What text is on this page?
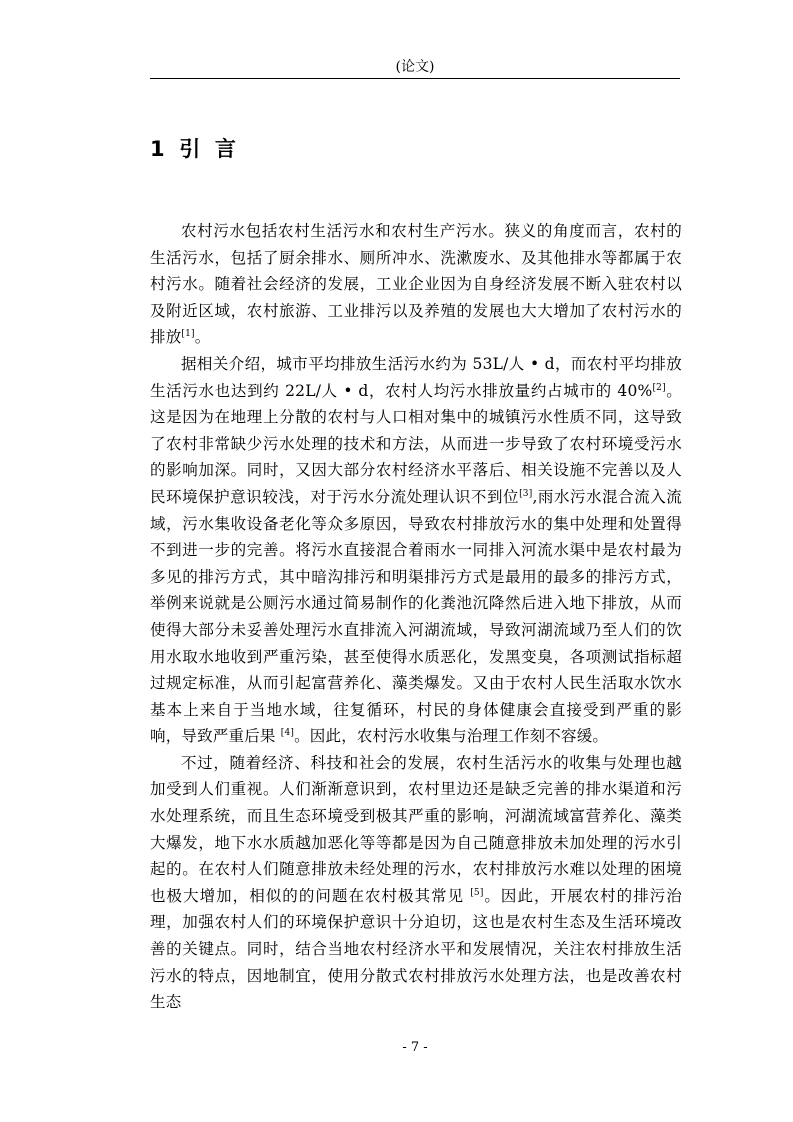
(论文)
1  引  言

农村污水包括农村生活污水和农村生产污水。狭义的角度而言，农村的生活污水，包括了厨余排水、厕所冲水、洗漱废水、及其他排水等都属于农村污水。随着社会经济的发展，工业企业因为自身经济发展不断入驻农村以及附近区域，农村旅游、工业排污以及养殖的发展也大大增加了农村污水的排放[1]。

据相关介绍，城市平均排放生活污水约为 53L/人 • d，而农村平均排放生活污水也达到约 22L/人 • d，农村人均污水排放量约占城市的 40%[2]。这是因为在地理上分散的农村与人口相对集中的城镇污水性质不同，这导致了农村非常缺少污水处理的技术和方法，从而进一步导致了农村环境受污水的影响加深。同时，又因大部分农村经济水平落后、相关设施不完善以及人民环境保护意识较浅，对于污水分流处理认识不到位[3],雨水污水混合流入流域，污水集收设备老化等众多原因，导致农村排放污水的集中处理和处置得不到进一步的完善。将污水直接混合着雨水一同排入河流水渠中是农村最为多见的排污方式，其中暗沟排污和明渠排污方式是最用的最多的排污方式，举例来说就是公厕污水通过简易制作的化粪池沉降然后进入地下排放，从而使得大部分未妥善处理污水直排流入河湖流域，导致河湖流域乃至人们的饮用水取水地收到严重污染，甚至使得水质恶化，发黑变臭，各项测试指标超过规定标准，从而引起富营养化、藻类爆发。又由于农村人民生活取水饮水基本上来自于当地水域，往复循环，村民的身体健康会直接受到严重的影响，导致严重后果 [4]。因此，农村污水收集与治理工作刻不容缓。

不过，随着经济、科技和社会的发展，农村生活污水的收集与处理也越加受到人们重视。人们渐渐意识到，农村里边还是缺乏完善的排水渠道和污水处理系统，而且生态环境受到极其严重的影响，河湖流域富营养化、藻类大爆发，地下水水质越加恶化等等都是因为自己随意排放未加处理的污水引起的。在农村人们随意排放未经处理的污水，农村排放污水难以处理的困境也极大增加，相似的的问题在农村极其常见 [5]。因此，开展农村的排污治理，加强农村人们的环境保护意识十分迫切，这也是农村生态及生活环境改善的关键点。同时，结合当地农村经济水平和发展情况，关注农村排放生活污水的特点，因地制宜，使用分散式农村排放污水处理方法，也是改善农村生态

- 7 -
